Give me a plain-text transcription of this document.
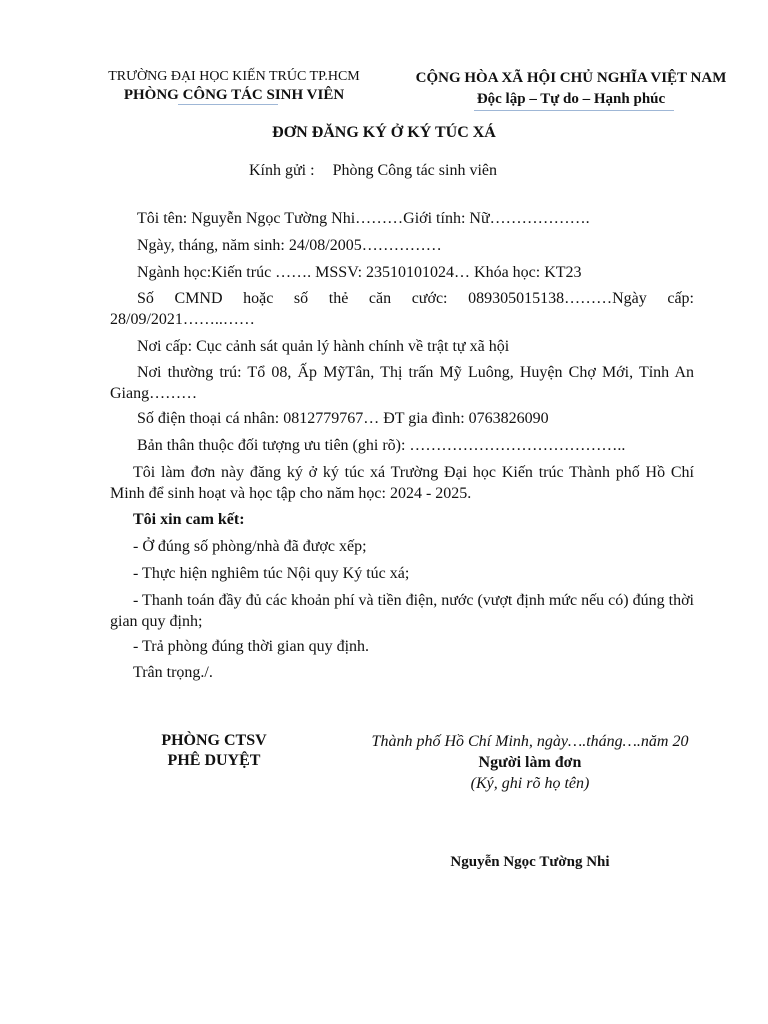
TRƯỜNG ĐẠI HỌC KIẾN TRÚC TP.HCM
PHÒNG CÔNG TÁC SINH VIÊN
CỘNG HÒA XÃ HỘI CHỦ NGHĨA VIỆT NAM
Độc lập – Tự do – Hạnh phúc
ĐƠN ĐĂNG KÝ Ở KÝ TÚC XÁ
Kính gửi : Phòng Công tác sinh viên
Tôi tên: Nguyễn Ngọc Tường Nhi………Giới tính: Nữ……………….
Ngày, tháng, năm sinh: 24/08/2005……………
Ngành học:Kiến trúc ……. MSSV: 23510101024… Khóa học: KT23
Số CMND hoặc số thẻ căn cước: 089305015138………Ngày cấp: 28/09/2021……..……
Nơi cấp: Cục cảnh sát quản lý hành chính về trật tự xã hội
Nơi thường trú: Tổ 08, Ấp MỹTân, Thị trấn Mỹ Luông, Huyện Chợ Mới, Tỉnh An Giang………
Số điện thoại cá nhân: 0812779767… ĐT gia đình: 0763826090
Bản thân thuộc đối tượng ưu tiên (ghi rõ): …………………………………..
Tôi làm đơn này đăng ký ở ký túc xá Trường Đại học Kiến trúc Thành phố Hồ Chí Minh để sinh hoạt và học tập cho năm học: 2024 - 2025.
Tôi xin cam kết:
- Ở đúng số phòng/nhà đã được xếp;
- Thực hiện nghiêm túc Nội quy Ký túc xá;
- Thanh toán đầy đủ các khoản phí và tiền điện, nước (vượt định mức nếu có) đúng thời gian quy định;
- Trả phòng đúng thời gian quy định.
Trân trọng./.
PHÒNG CTSV
PHÊ DUYỆT
Thành phố Hồ Chí Minh, ngày….tháng….năm 20
Người làm đơn
(Ký, ghi rõ họ tên)
Nguyễn Ngọc Tường Nhi
